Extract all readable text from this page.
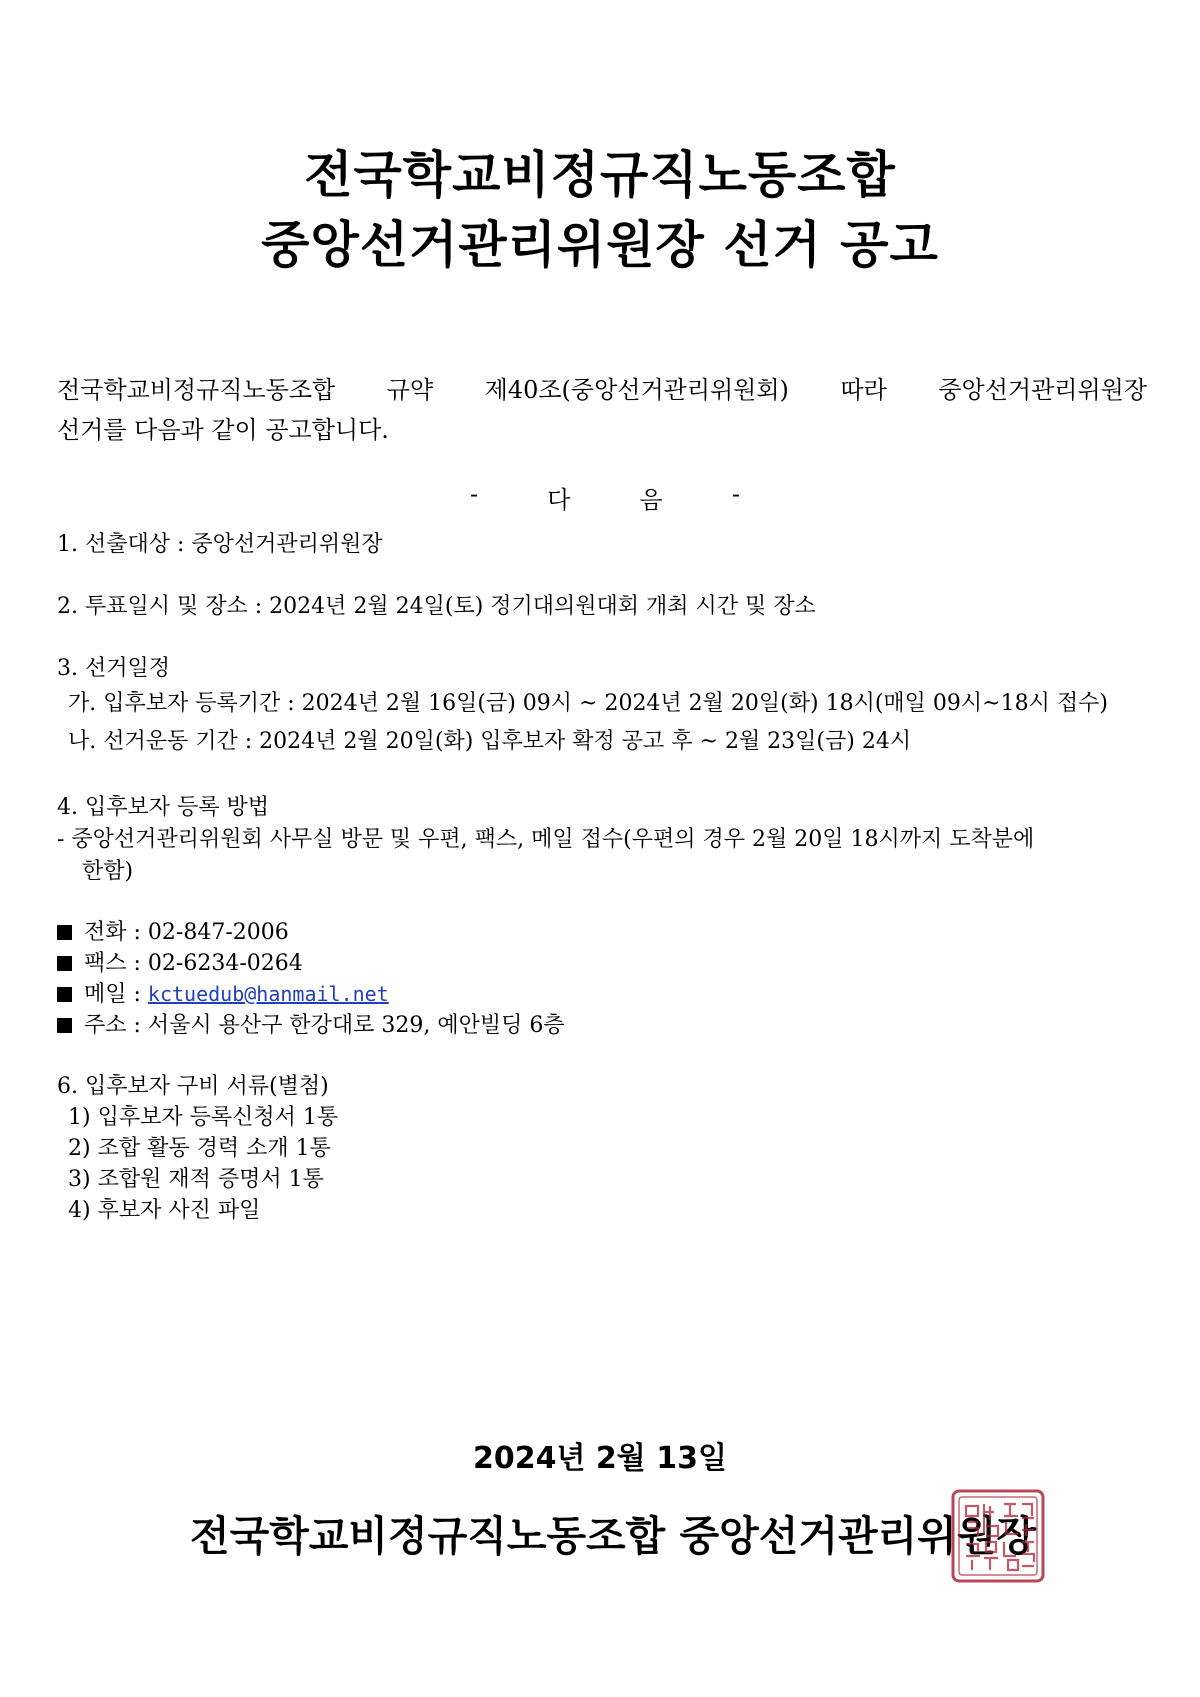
전국학교비정규직노동조합
중앙선거관리위원장 선거 공고
전국학교비정규직노동조합 규약 제40조(중앙선거관리위원회) 따라 중앙선거관리위원장
선거를 다음과 같이 공고합니다.
-	다	음	-
1. 선출대상 : 중앙선거관리위원장
2. 투표일시 및 장소 : 2024년 2월 24일(토) 정기대의원대회 개최 시간 및 장소
3. 선거일정
가. 입후보자 등록기간 : 2024년 2월 16일(금) 09시 ~ 2024년 2월 20일(화) 18시(매일 09시~18시 접수)
나. 선거운동 기간 : 2024년 2월 20일(화) 입후보자 확정 공고 후 ~ 2월 23일(금) 24시
4. 입후보자 등록 방법
- 중앙선거관리위원회 사무실 방문 및 우편, 팩스, 메일 접수(우편의 경우 2월 20일 18시까지 도착분에
한함)
전화 : 02-847-2006
팩스 : 02-6234-0264
메일 : kctuedub@hanmail.net
주소 : 서울시 용산구 한강대로 329, 예안빌딩 6층
6. 입후보자 구비 서류(별첨)
1) 입후보자 등록신청서 1통
2) 조합 활동 경력 소개 1통
3) 조합원 재적 증명서 1통
4) 후보자 사진 파일
2024년 2월 13일
전국학교비정규직노동조합 중앙선거관리위원장
